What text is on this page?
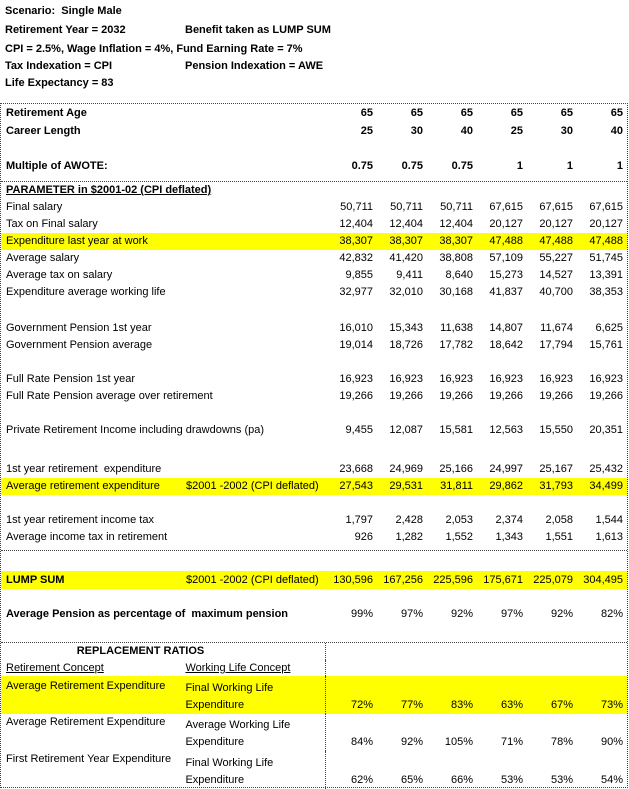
Scenario:  Single Male
Retirement Year = 2032	Benefit taken as LUMP SUM
CPI = 2.5%, Wage Inflation = 4%, Fund Earning Rate = 7%
Tax Indexation = CPI	Pension Indexation = AWE
Life Expectancy = 83
Retirement Age	65	65	65	65	65	65
Career Length	25	30	40	25	30	40
Multiple of AWOTE:	0.75	0.75	0.75	1	1	1
PARAMETER in $2001-02 (CPI deflated)
Final salary	50,711	50,711	50,711	67,615	67,615	67,615
Tax on Final salary	12,404	12,404	12,404	20,127	20,127	20,127
Expenditure last year at work	38,307	38,307	38,307	47,488	47,488	47,488
Average salary	42,832	41,420	38,808	57,109	55,227	51,745
Average tax on salary	9,855	9,411	8,640	15,273	14,527	13,391
Expenditure average working life	32,977	32,010	30,168	41,837	40,700	38,353
Government Pension 1st year	16,010	15,343	11,638	14,807	11,674	6,625
Government Pension average	19,014	18,726	17,782	18,642	17,794	15,761
Full Rate Pension 1st year	16,923	16,923	16,923	16,923	16,923	16,923
Full Rate Pension average over retirement	19,266	19,266	19,266	19,266	19,266	19,266
Private Retirement Income including drawdowns (pa)	9,455	12,087	15,581	12,563	15,550	20,351
1st year retirement  expenditure	23,668	24,969	25,166	24,997	25,167	25,432
Average retirement expenditure	$2001 -2002 (CPI deflated)	27,543	29,531	31,811	29,862	31,793	34,499
1st year retirement income tax	1,797	2,428	2,053	2,374	2,058	1,544
Average income tax in retirement	926	1,282	1,552	1,343	1,551	1,613
LUMP SUM	$2001 -2002 (CPI deflated)	130,596 167,256 225,596 175,671 225,079 304,495
Average Pension as percentage of  maximum pension	99%	97%	92%	97%	92%	82%
REPLACEMENT RATIOS
Retirement Concept	Working Life Concept
Average Retirement Expenditure	Final Working Life Expenditure	72%	77%	83%	63%	67%	73%
Average Retirement Expenditure	Average Working Life Expenditure	84%	92%	105%	71%	78%	90%
First Retirement Year Expenditure	Final Working Life Expenditure	62%	65%	66%	53%	53%	54%
